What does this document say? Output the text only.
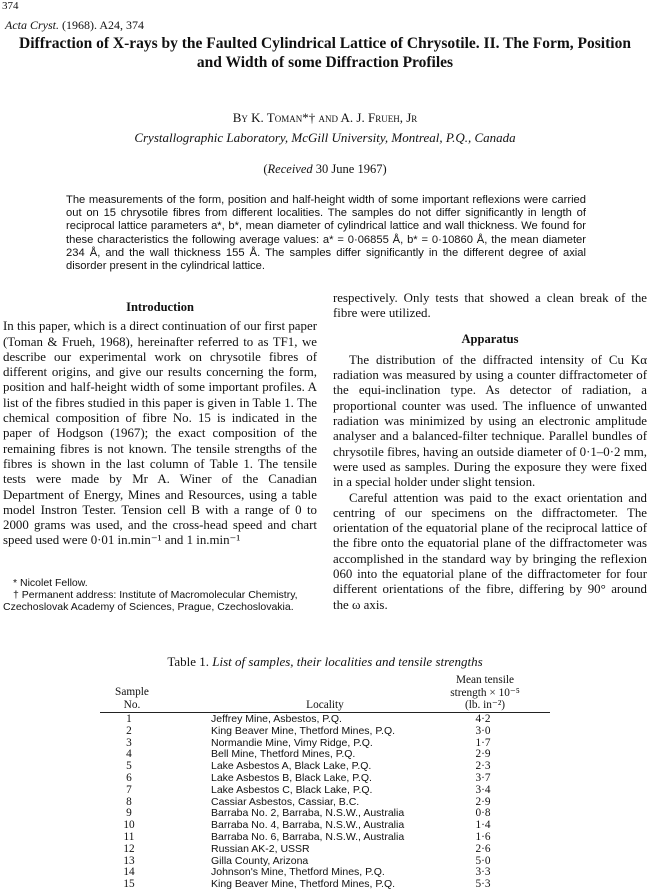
374
Acta Cryst. (1968). A24, 374
Diffraction of X-rays by the Faulted Cylindrical Lattice of Chrysotile. II. The Form, Position and Width of some Diffraction Profiles
By K. Toman*† and A. J. Frueh, Jr
Crystallographic Laboratory, McGill University, Montreal, P.Q., Canada
(Received 30 June 1967)
The measurements of the form, position and half-height width of some important reflexions were carried out on 15 chrysotile fibres from different localities. The samples do not differ significantly in length of reciprocal lattice parameters a*, b*, mean diameter of cylindrical lattice and wall thickness. We found for these characteristics the following average values: a* = 0·06855 Å, b* = 0·10860 Å, the mean diameter 234 Å, and the wall thickness 155 Å. The samples differ significantly in the different degree of axial disorder present in the cylindrical lattice.

Introduction

In this paper, which is a direct continuation of our first paper (Toman & Frueh, 1968), hereinafter referred to as TF1, we describe our experimental work on chrysotile fibres of different origins, and give our results concerning the form, position and half-height width of some important profiles. A list of the fibres studied in this paper is given in Table 1. The chemical composition of fibre No. 15 is indicated in the paper of Hodgson (1967); the exact composition of the remaining fibres is not known. The tensile strengths of the fibres is shown in the last column of Table 1. The tensile tests were made by Mr A. Winer of the Canadian Department of Energy, Mines and Resources, using a table model Instron Tester. Tension cell B with a range of 0 to 2000 grams was used, and the cross-head speed and chart speed used were 0·01 in.min⁻¹ and 1 in.min⁻¹

* Nicolet Fellow.

† Permanent address: Institute of Macromolecular Chemistry, Czechoslovak Academy of Sciences, Prague, Czechoslovakia.

respectively. Only tests that showed a clean break of the fibre were utilized.

Apparatus

The distribution of the diffracted intensity of Cu Kα radiation was measured by using a counter diffractometer of the equi-inclination type. As detector of radiation, a proportional counter was used. The influence of unwanted radiation was minimized by using an electronic amplitude analyser and a balanced-filter technique. Parallel bundles of chrysotile fibres, having an outside diameter of 0·1–0·2 mm, were used as samples. During the exposure they were fixed in a special holder under slight tension.

Careful attention was paid to the exact orientation and centring of our specimens on the diffractometer. The orientation of the equatorial plane of the reciprocal lattice of the fibre onto the equatorial plane of the diffractometer was accomplished in the standard way by bringing the reflexion 060 into the equatorial plane of the diffractometer for four different orientations of the fibre, differing by 90° around the ω axis.

Table 1. List of samples, their localities and tensile strengths
Sample
No.	Locality
Mean tensile
strength × 10⁻⁵
(lb. in⁻²)
1	Jeffrey Mine, Asbestos, P.Q.	4·2
2	King Beaver Mine, Thetford Mines, P.Q.	3·0
3	Normandie Mine, Vimy Ridge, P.Q.	1·7
4	Bell Mine, Thetford Mines, P.Q.	2·9
5	Lake Asbestos A, Black Lake, P.Q.	2·3
6	Lake Asbestos B, Black Lake, P.Q.	3·7
7	Lake Asbestos C, Black Lake, P.Q.	3·4
8	Cassiar Asbestos, Cassiar, B.C.	2·9
9	Barraba No. 2, Barraba, N.S.W., Australia	0·8
10	Barraba No. 4, Barraba, N.S.W., Australia	1·4
11	Barraba No. 6, Barraba, N.S.W., Australia	1·6
12	Russian AK-2, USSR	2·6
13	Gilla County, Arizona	5·0
14	Johnson's Mine, Thetford Mines, P.Q.	3·3
15	King Beaver Mine, Thetford Mines, P.Q.	5·3
